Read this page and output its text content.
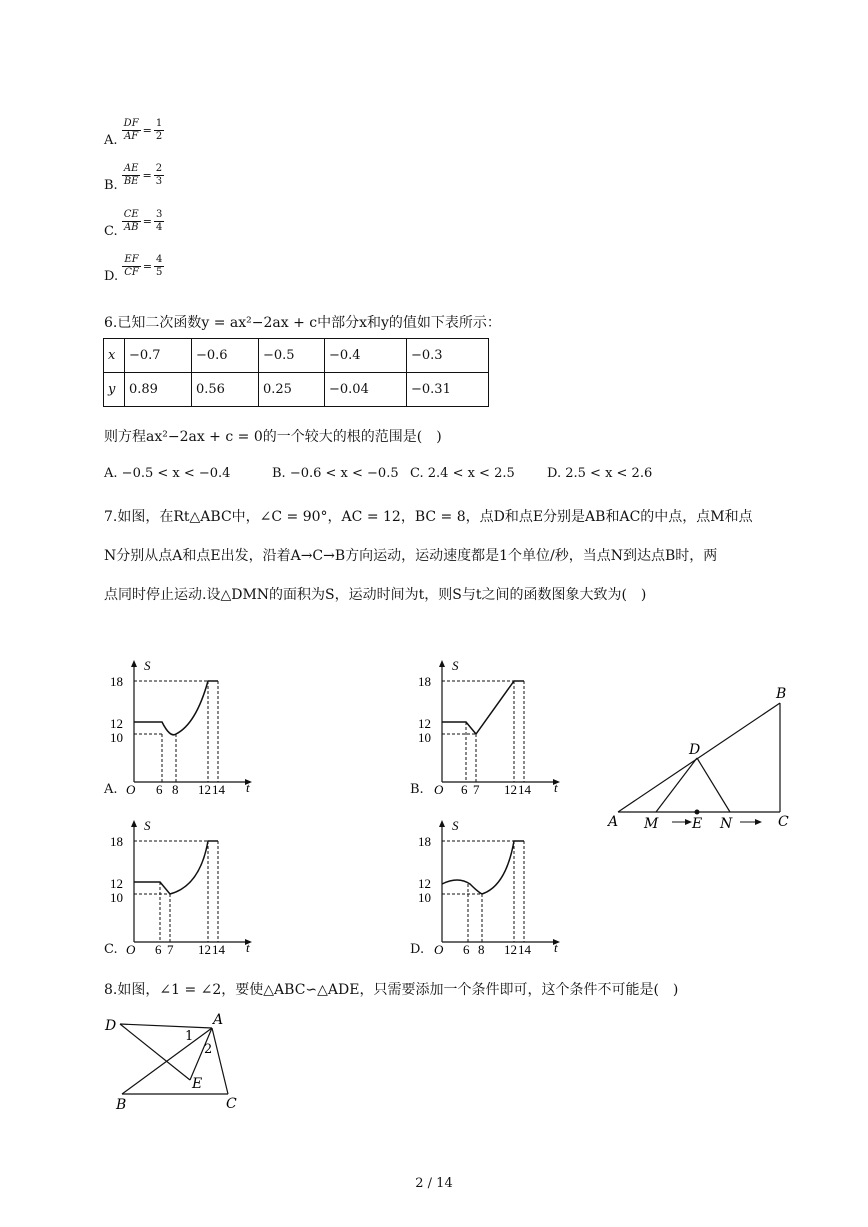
A. $\frac{DF}{AF} = \frac{1}{2}$
B. $\frac{AE}{BE} = \frac{2}{3}$
C. $\frac{CE}{AB} = \frac{3}{4}$
D. $\frac{EF}{CF} = \frac{4}{5}$
6.已知二次函数y = ax²−2ax + c中部分x和y的值如下表所示：
x	−0.7	−0.6	−0.5	−0.4	−0.3
y	0.89	0.56	0.25	−0.04	−0.31
则方程ax²−2ax + c = 0的一个较大的根的范围是(　)
A. −0.5 < x < −0.4	B. −0.6 < x < −0.5 C. 2.4 < x < 2.5 D. 2.5 < x < 2.6
7.如图，在Rt△ABC中，∠C = 90°，AC = 12，BC = 8，点D和点E分别是AB和AC的中点，点M和点
N分别从点A和点E出发，沿着A→C→B方向运动，运动速度都是1个单位/秒，当点N到达点B时，两
点同时停止运动.设△DMN的面积为S，运动时间为t，则S与t之间的函数图象大致为(　)
S
t
O
18
12
10
6 8 12 14
A.
S
t
O
18
12
10
6 7 12 14
B.
A
B
C
D
E
M	N
S
t
O
18
12
10
6 7 12 14
C.
S
t
O
18
12
10
6 8 12 14
D.
8.如图，∠1 = ∠2，要使△ABC∽△ADE，只需要添加一个条件即可，这个条件不可能是(　)
D	A
1
2
E
B	C
2 / 14
